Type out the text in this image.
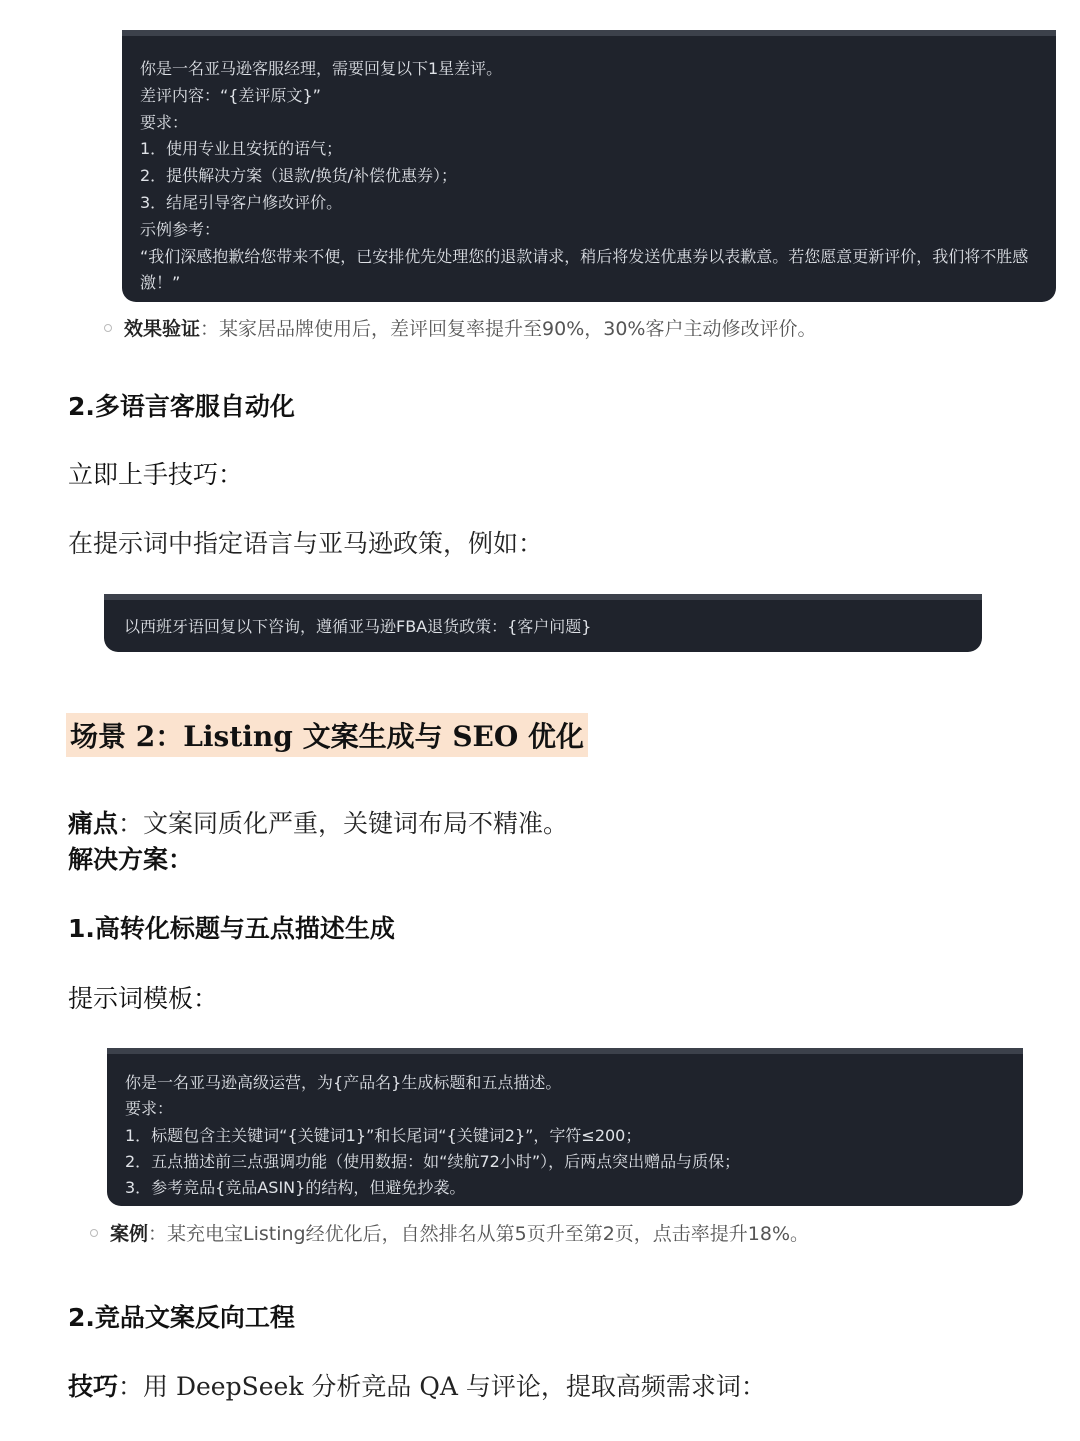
你是一名亚马逊客服经理，需要回复以下1星差评。
差评内容：“{差评原文}”
要求：
1．使用专业且安抚的语气；
2．提供解决方案（退款/换货/补偿优惠券）；
3．结尾引导客户修改评价。
示例参考：
“我们深感抱歉给您带来不便，已安排优先处理您的退款请求，稍后将发送优惠券以表歉意。若您愿意更新评价，我们将不胜感激！”
效果验证：某家居品牌使用后，差评回复率提升至90%，30%客户主动修改评价。
2.多语言客服自动化
立即上手技巧：
在提示词中指定语言与亚马逊政策，例如：
以西班牙语回复以下咨询，遵循亚马逊FBA退货政策：{客户问题}
场景 2：Listing 文案生成与 SEO 优化
痛点：文案同质化严重，关键词布局不精准。
解决方案：
1.高转化标题与五点描述生成
提示词模板：
你是一名亚马逊高级运营，为{产品名}生成标题和五点描述。
要求：
1．标题包含主关键词“{关键词1}”和长尾词“{关键词2}”，字符≤200；
2．五点描述前三点强调功能（使用数据：如“续航72小时”），后两点突出赠品与质保；
3．参考竞品{竞品ASIN}的结构，但避免抄袭。
案例：某充电宝Listing经优化后，自然排名从第5页升至第2页，点击率提升18%。
2.竞品文案反向工程
技巧：用 DeepSeek 分析竞品 QA 与评论，提取高频需求词：
